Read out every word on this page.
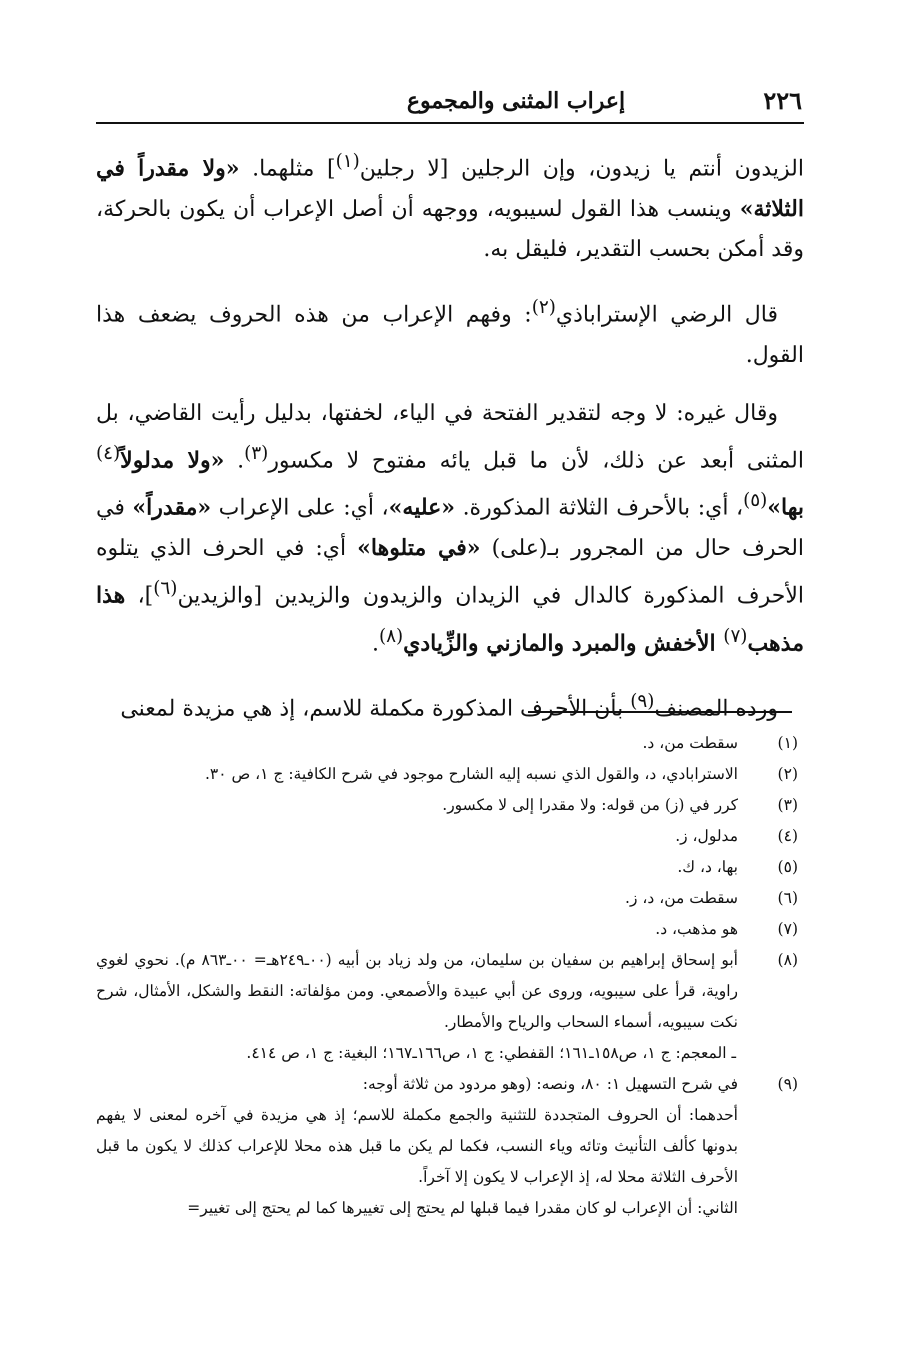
٢٢٦
إعراب المثنى والمجموع

الزيدون أنتم يا زيدون، وإن الرجلين [لا رجلين$^{(١)}$] مثلهما. «ولا مقدراً في الثلاثة» وينسب هذا القول لسيبويه، ووجهه أن أصل الإعراب أن يكون بالحركة، وقد أمكن بحسب التقدير، فليقل به.

قال الرضي الإستراباذي$^{(٢)}$: وفهم الإعراب من هذه الحروف يضعف هذا القول.

وقال غيره: لا وجه لتقدير الفتحة في الياء، لخفتها، بدليل رأيت القاضي، بل المثنى أبعد عن ذلك، لأن ما قبل يائه مفتوح لا مكسور$^{(٣)}$. «ولا مدلولاً$^{(٤)}$ بها»$^{(٥)}$، أي: بالأحرف الثلاثة المذكورة. «عليه»، أي: على الإعراب «مقدراً» في الحرف حال من المجرور بـ(على) «في متلوها» أي: في الحرف الذي يتلوه الأحرف المذكورة كالدال في الزيدان والزيدون والزيدين [والزيدين$^{(٦)}$]، هذا مذهب$^{(٧)}$ الأخفش والمبرد والمازني والزِّيادي$^{(٨)}$.

ورده المصنف$^{(٩)}$ بأن الأحرف المذكورة مكملة للاسم، إذ هي مزيدة لمعنى

(١)
سقطت من، د.
(٢)
الاسترابادي، د، والقول الذي نسبه إليه الشارح موجود في شرح الكافية: ج ١، ص ٣٠.
(٣)
كرر في (ز) من قوله: ولا مقدرا إلى لا مكسور.
(٤)
مدلول، ز.
(٥)
بها، د، ك.
(٦)
سقطت من، د، ز.
(٧)
هو مذهب، د.
(٨)
أبو إسحاق إبراهيم بن سفيان بن سليمان، من ولد زياد بن أبيه (٠٠ـ٢٤٩هـ= ٠٠ـ٨٦٣ م). نحوي لغوي راوية، قرأ على سيبويه، وروى عن أبي عبيدة والأصمعي. ومن مؤلفاته: النقط والشكل، الأمثال، شرح نكت سيبويه، أسماء السحاب والرياح والأمطار.
ـ المعجم: ج ١، ص١٥٨ـ١٦١؛ القفطي: ج ١، ص١٦٦ـ١٦٧؛ البغية: ج ١، ص ٤١٤.
(٩)
في شرح التسهيل ١: ٨٠، ونصه: (وهو مردود من ثلاثة أوجه:
أحدهما: أن الحروف المتجددة للتثنية والجمع مكملة للاسم؛ إذ هي مزيدة في آخره لمعنى لا يفهم بدونها كألف التأنيث وتائه وياء النسب، فكما لم يكن ما قبل هذه محلا للإعراب كذلك لا يكون ما قبل الأحرف الثلاثة محلا له، إذ الإعراب لا يكون إلا آخراً.
الثاني: أن الإعراب لو كان مقدرا فيما قبلها لم يحتج إلى تغييرها كما لم يحتج إلى تغيير=
